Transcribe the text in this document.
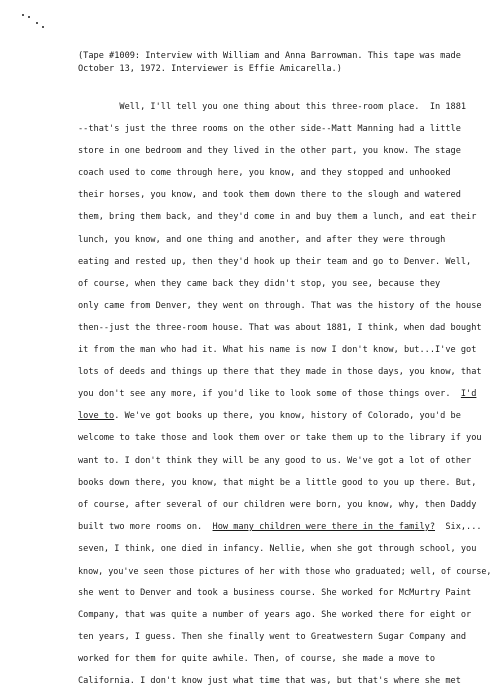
(Tape #1009: Interview with William and Anna Barrowman. This tape was made
October 13, 1972. Interviewer is Effie Amicarella.)
Well, I'll tell you one thing about this three-room place.  In 1881
--that's just the three rooms on the other side--Matt Manning had a little
store in one bedroom and they lived in the other part, you know. The stage
coach used to come through here, you know, and they stopped and unhooked
their horses, you know, and took them down there to the slough and watered
them, bring them back, and they'd come in and buy them a lunch, and eat their
lunch, you know, and one thing and another, and after they were through
eating and rested up, then they'd hook up their team and go to Denver. Well,
of course, when they came back they didn't stop, you see, because they
only came from Denver, they went on through. That was the history of the house
then--just the three-room house. That was about 1881, I think, when dad bought
it from the man who had it. What his name is now I don't know, but...I've got
lots of deeds and things up there that they made in those days, you know, that
you don't see any more, if you'd like to look some of those things over.  I'd
love to. We've got books up there, you know, history of Colorado, you'd be
welcome to take those and look them over or take them up to the library if you
want to. I don't think they will be any good to us. We've got a lot of other
books down there, you know, that might be a little good to you up there. But,
of course, after several of our children were born, you know, why, then Daddy
built two more rooms on.  How many children were there in the family?  Six,...
seven, I think, one died in infancy. Nellie, when she got through school, you
know, you've seen those pictures of her with those who graduated; well, of course,
she went to Denver and took a business course. She worked for McMurtry Paint
Company, that was quite a number of years ago. She worked there for eight or
ten years, I guess. Then she finally went to Greatwestern Sugar Company and
worked for them for quite awhile. Then, of course, she made a move to
California. I don't know just what time that was, but that's where she met
